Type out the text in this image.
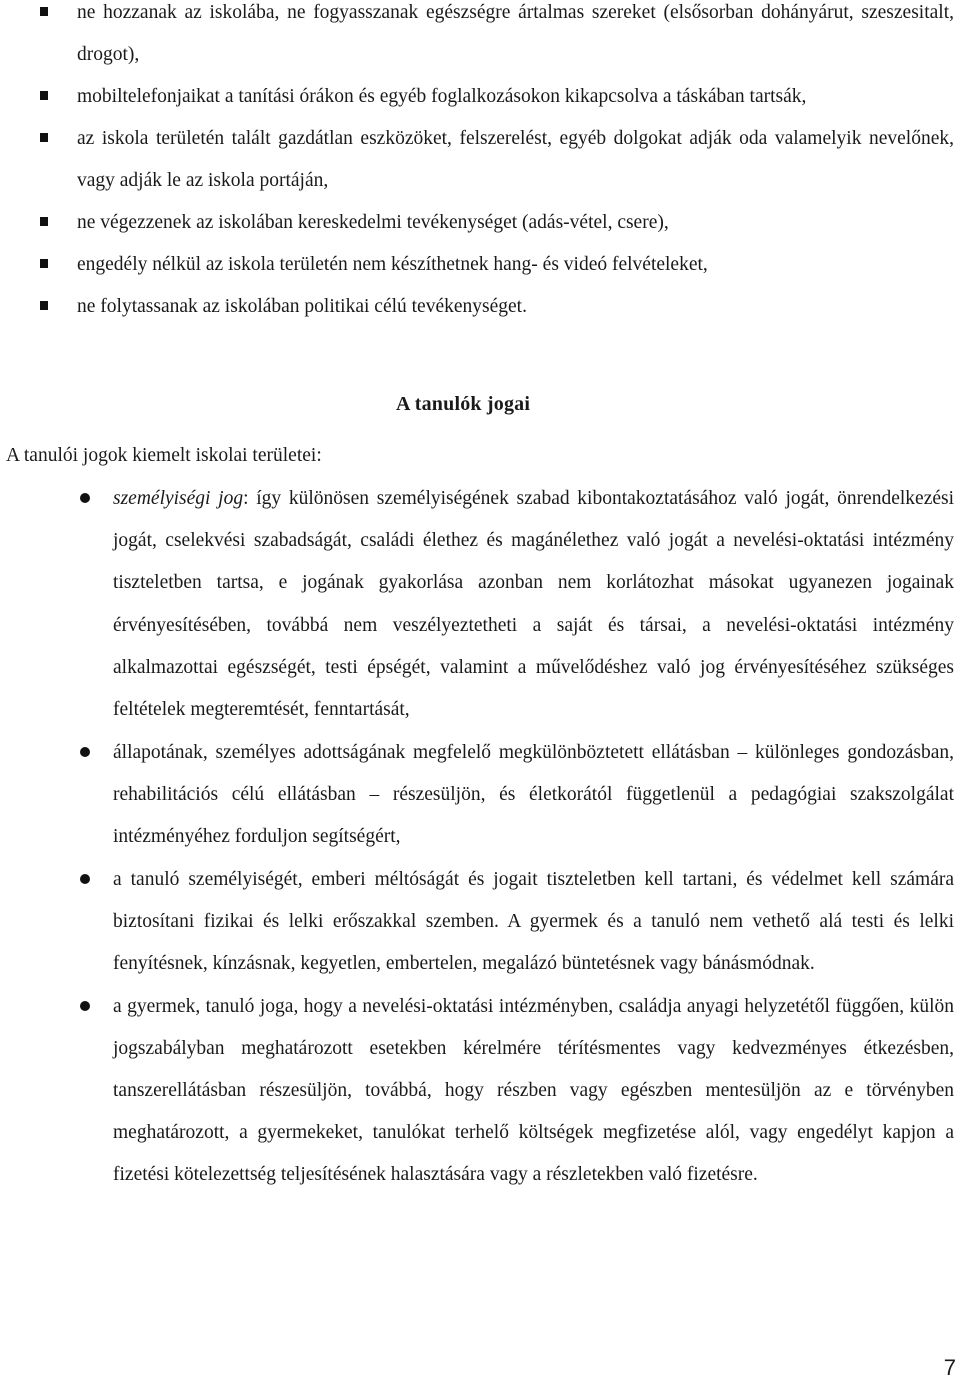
ne hozzanak az iskolába, ne fogyasszanak egészségre ártalmas szereket (elsősorban dohányárut, szeszesitalt, drogot),
mobiltelefonjaikat a tanítási órákon és egyéb foglalkozásokon kikapcsolva a táskában tartsák,
az iskola területén talált gazdátlan eszközöket, felszerelést, egyéb dolgokat adják oda valamelyik nevelőnek, vagy adják le az iskola portáján,
ne végezzenek az iskolában kereskedelmi tevékenységet (adás-vétel, csere),
engedély nélkül az iskola területén nem készíthetnek hang- és videó felvételeket,
ne folytassanak az iskolában politikai célú tevékenységet.
A tanulók jogai
A tanulói jogok kiemelt iskolai területei:
személyiségi jog: így különösen személyiségének szabad kibontakoztatásához való jogát, önrendelkezési jogát, cselekvési szabadságát, családi élethez és magánélethez való jogát a nevelési-oktatási intézmény tiszteletben tartsa, e jogának gyakorlása azonban nem korlátozhat másokat ugyanezen jogainak érvényesítésében, továbbá nem veszélyeztetheti a saját és társai, a nevelési-oktatási intézmény alkalmazottai egészségét, testi épségét, valamint a művelődéshez való jog érvényesítéséhez szükséges feltételek megteremtését, fenntartását,
állapotának, személyes adottságának megfelelő megkülönböztetett ellátásban – különleges gondozásban, rehabilitációs célú ellátásban – részesüljön, és életkorától függetlenül a pedagógiai szakszolgálat intézményéhez forduljon segítségért,
a tanuló személyiségét, emberi méltóságát és jogait tiszteletben kell tartani, és védelmet kell számára biztosítani fizikai és lelki erőszakkal szemben. A gyermek és a tanuló nem vethető alá testi és lelki fenyítésnek, kínzásnak, kegyetlen, embertelen, megalázó büntetésnek vagy bánásmódnak.
a gyermek, tanuló joga, hogy a nevelési-oktatási intézményben, családja anyagi helyzetétől függően, külön jogszabályban meghatározott esetekben kérelmére térítésmentes vagy kedvezményes étkezésben, tanszerellátásban részesüljön, továbbá, hogy részben vagy egészben mentesüljön az e törvényben meghatározott, a gyermekeket, tanulókat terhelő költségek megfizetése alól, vagy engedélyt kapjon a fizetési kötelezettség teljesítésének halasztására vagy a részletekben való fizetésre.
7
